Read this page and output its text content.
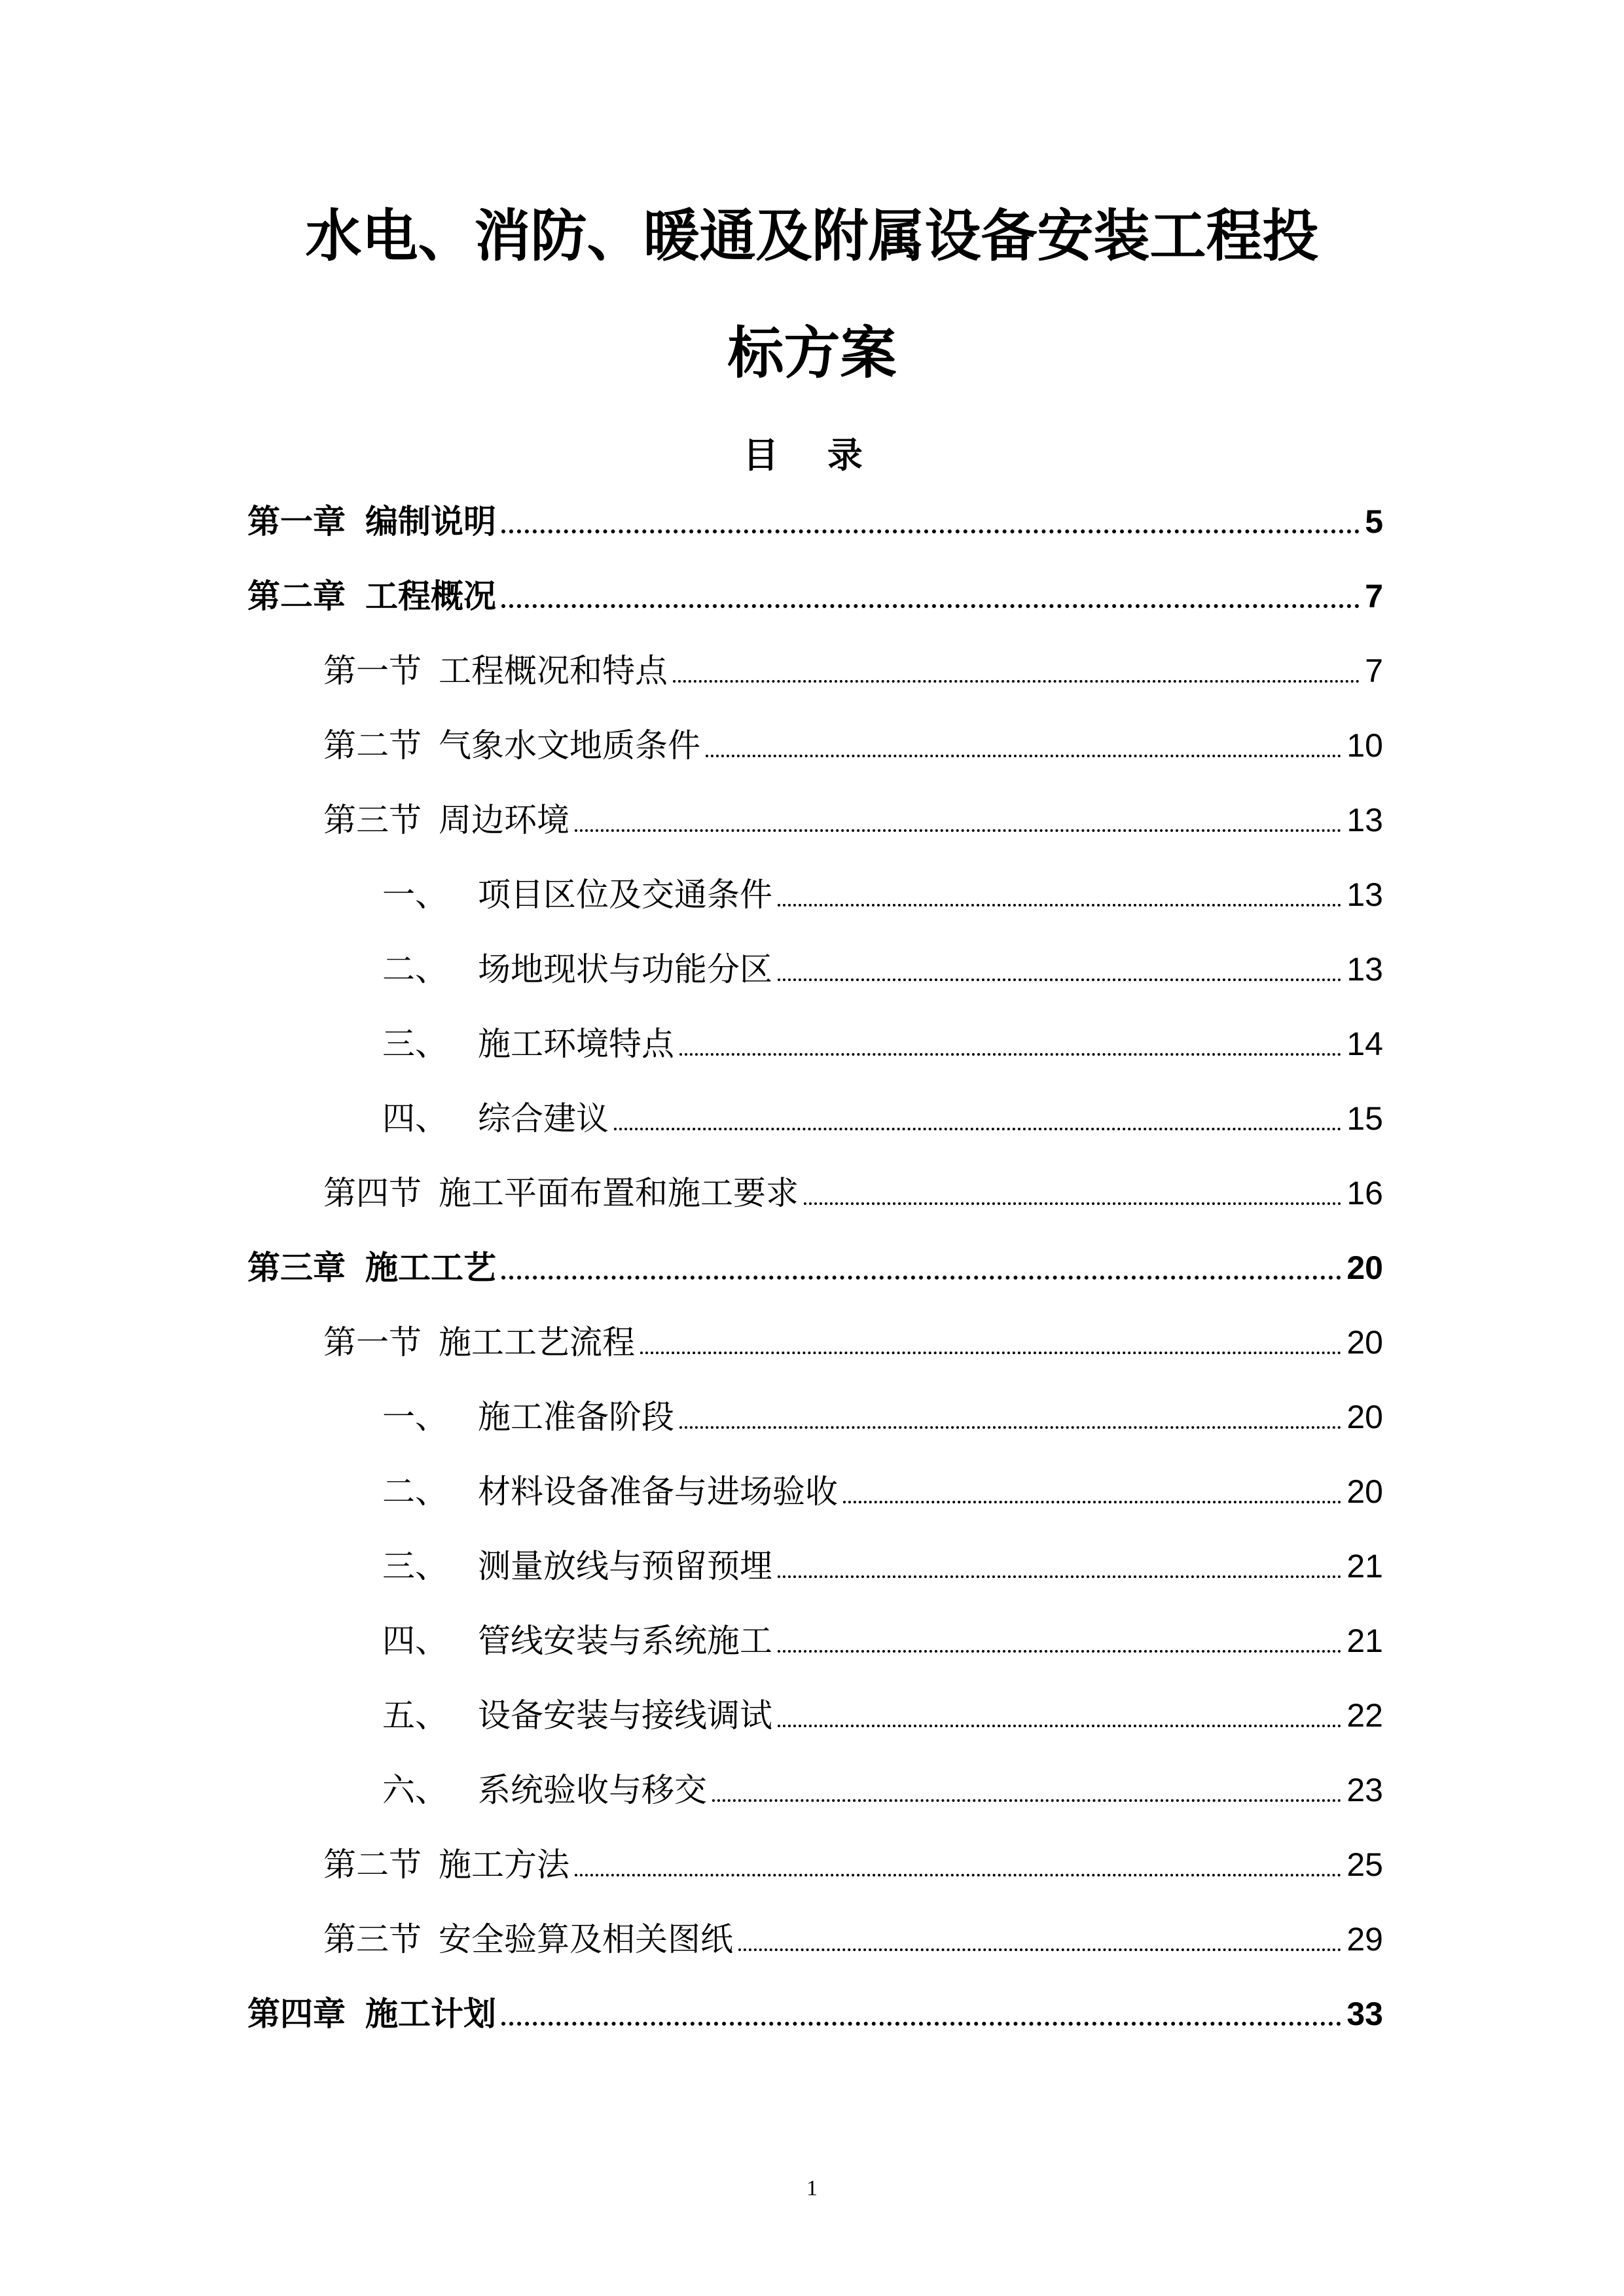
水电、消防、暖通及附属设备安装工程投
标方案
目 录
第一章 编制说明	5
第二章 工程概况	7
第一节 工程概况和特点	7
第二节 气象水文地质条件	10
第三节 周边环境	13
一、 项目区位及交通条件	13
二、 场地现状与功能分区	13
三、 施工环境特点	14
四、 综合建议	15
第四节 施工平面布置和施工要求	16
第三章 施工工艺	20
第一节 施工工艺流程	20
一、 施工准备阶段	20
二、 材料设备准备与进场验收	20
三、 测量放线与预留预埋	21
四、 管线安装与系统施工	21
五、 设备安装与接线调试	22
六、 系统验收与移交	23
第二节 施工方法	25
第三节 安全验算及相关图纸	29
第四章 施工计划	33
1
